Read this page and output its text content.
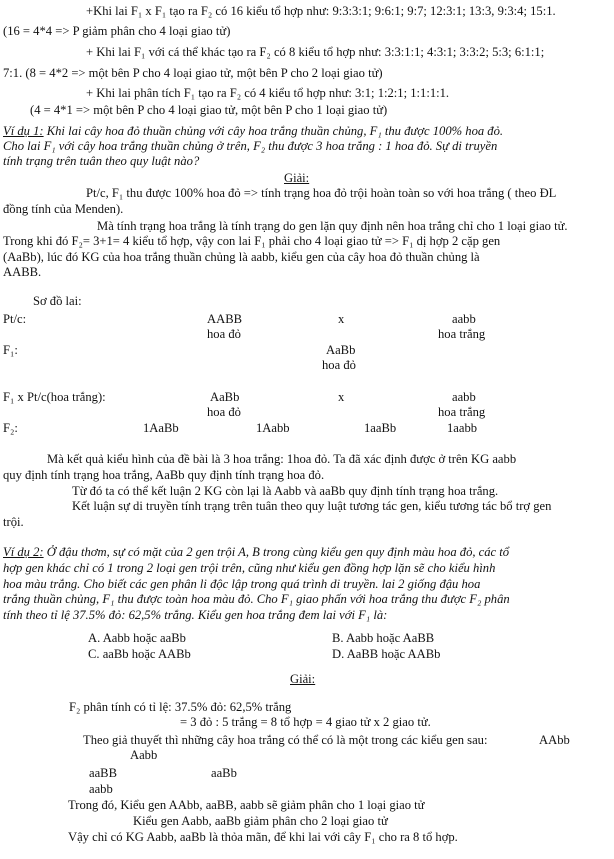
+Khi lai F₁ x F₁ tạo ra F₂ có 16 kiểu tổ hợp như: 9:3:3:1; 9:6:1; 9:7; 12:3:1; 13:3, 9:3:4; 15:1.
(16 = 4*4 => P giảm phân cho 4 loại giao tử)
+ Khi lai F₁ với cá thể khác tạo ra F₂ có 8 kiểu tổ hợp như: 3:3:1:1; 4:3:1; 3:3:2; 5:3; 6:1:1;
7:1. (8 = 4*2 => một bên P cho 4 loại giao tử, một bên P cho 2 loại giao tử)
+ Khi lai phân tích F₁ tạo ra F₂ có 4 kiểu tổ hợp như: 3:1; 1:2:1; 1:1:1:1.
(4 = 4*1 => một bên P cho 4 loại giao tử, một bên P cho 1 loại giao tử)
Ví dụ 1: Khi lai cây hoa đỏ thuần chủng với cây hoa trắng thuần chủng, F₁ thu được 100% hoa đỏ.
Cho lai F₁ với cây hoa trắng thuần chủng ở trên, F₂ thu được 3 hoa trắng : 1 hoa đỏ. Sự di truyền
tính trạng trên tuân theo quy luật nào?
Giải:
Pt/c, F₁ thu được 100% hoa đỏ => tính trạng hoa đỏ trội hoàn toàn so với hoa trắng ( theo ĐL
đồng tính của Menden).
Mà tính trạng hoa trắng là tính trạng do gen lặn quy định nên hoa trắng chỉ cho 1 loại giao tử.
Trong khi đó F₂= 3+1= 4 kiểu tổ hợp, vậy con lai F₁ phải cho 4 loại giao tử => F₁ dị hợp 2 cặp gen
(AaBb), lúc đó KG của hoa trắng thuần chủng là aabb, kiểu gen của cây hoa đỏ thuần chủng là
AABB.
Sơ đồ lai:
Pt/c:	AABB	x	aabb
hoa đỏ	hoa trắng
F₁:	AaBb
hoa đỏ
F₁ x Pt/c(hoa trắng):	AaBb	x	aabb
hoa đỏ	hoa trắng
F₂:	1AaBb	1Aabb	1aaBb	1aabb
Mà kết quả kiểu hình của đề bài là 3 hoa trắng: 1hoa đỏ. Ta đã xác định được ở trên KG aabb
quy định tính trạng hoa trắng, AaBb quy định tính trạng hoa đỏ.
Từ đó ta có thể kết luận 2 KG còn lại là Aabb và aaBb quy định tính trạng hoa trắng.
Kết luận sự di truyền tính trạng trên tuân theo quy luật tương tác gen, kiểu tương tác bổ trợ gen
trội.
Ví dụ 2: Ở đậu thơm, sự có mặt của 2 gen trội A, B trong cùng kiểu gen quy định màu hoa đỏ, các tổ
hợp gen khác chỉ có 1 trong 2 loại gen trội trên, cũng như kiểu gen đồng hợp lặn sẽ cho kiểu hình
hoa màu trắng. Cho biết các gen phân li độc lập trong quá trình di truyền. lai 2 giống đậu hoa
trắng thuần chủng, F₁ thu được toàn hoa màu đỏ. Cho F₁ giao phấn với hoa trắng thu được F₂ phân
tính theo tỉ lệ 37.5% đỏ: 62,5% trắng. Kiểu gen hoa trắng đem lai với F₁ là:
A. Aabb hoặc aaBb	B. Aabb hoặc AaBB
C. aaBb hoặc AABb	D. AaBB hoặc AABb
Giải:
F₂ phân tính có tỉ lệ: 37.5% đỏ: 62,5% trắng
= 3 đỏ : 5 trắng = 8 tổ hợp = 4 giao tử x 2 giao tử.
Theo giả thuyết thì những cây hoa trắng có thể có là một trong các kiểu gen sau:	AAbb
Aabb
aaBB	aaBb
aabb
Trong đó, Kiểu gen AAbb, aaBB, aabb sẽ giảm phân cho 1 loại giao tử
Kiểu gen Aabb, aaBb giảm phân cho 2 loại giao tử
Vậy chỉ có KG Aabb, aaBb là thỏa mãn, để khi lai với cây F₁ cho ra 8 tổ hợp.
